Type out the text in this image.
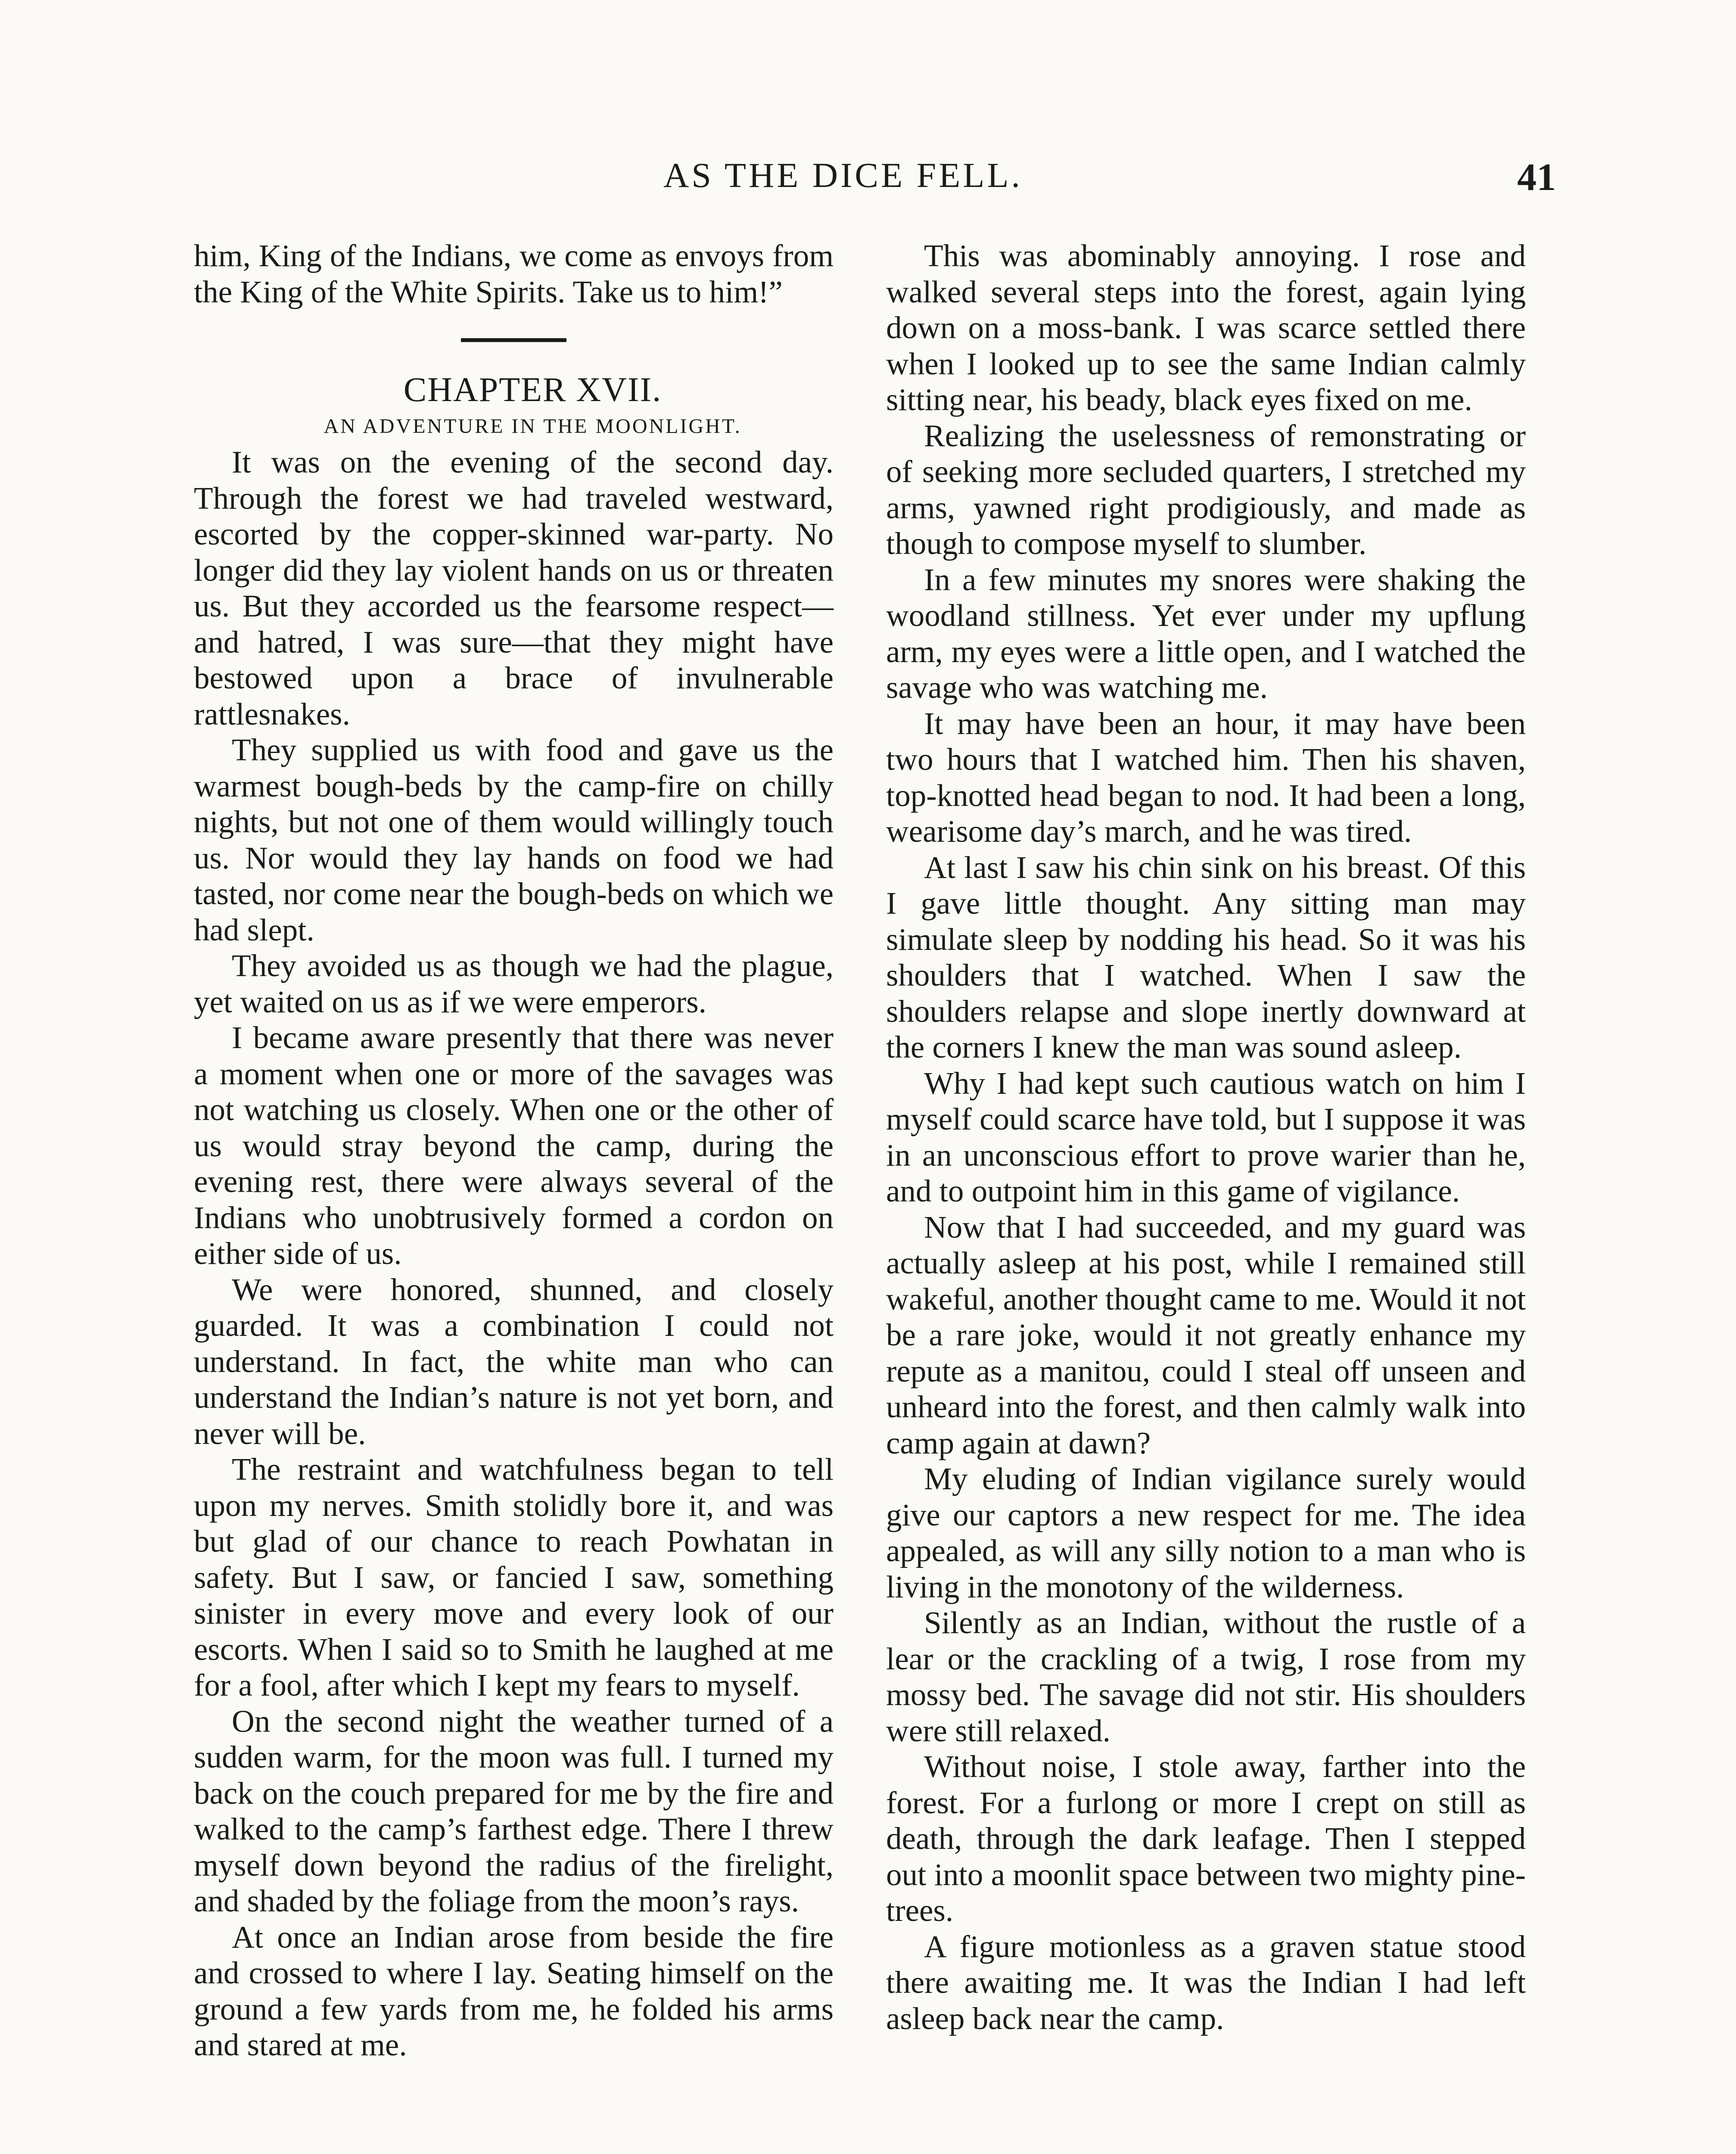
AS THE DICE FELL.	41

him, King of the Indians, we come as envoys from the King of the White Spirits. Take us to him!”

CHAPTER XVII.

AN ADVENTURE IN THE MOONLIGHT.

It was on the evening of the second day. Through the forest we had traveled westward, escorted by the copper-skinned war-party. No longer did they lay violent hands on us or threaten us. But they accorded us the fearsome respect—and hatred, I was sure—that they might have bestowed upon a brace of invulnerable rattlesnakes.

They supplied us with food and gave us the warmest bough-beds by the camp-fire on chilly nights, but not one of them would willingly touch us. Nor would they lay hands on food we had tasted, nor come near the bough-beds on which we had slept.

They avoided us as though we had the plague, yet waited on us as if we were emperors.

I became aware presently that there was never a moment when one or more of the savages was not watching us closely. When one or the other of us would stray beyond the camp, during the evening rest, there were always several of the Indians who unobtrusively formed a cordon on either side of us.

We were honored, shunned, and closely guarded. It was a combination I could not understand. In fact, the white man who can understand the Indian’s nature is not yet born, and never will be.

The restraint and watchfulness began to tell upon my nerves. Smith stolidly bore it, and was but glad of our chance to reach Powhatan in safety. But I saw, or fancied I saw, something sinister in every move and every look of our escorts. When I said so to Smith he laughed at me for a fool, after which I kept my fears to myself.

On the second night the weather turned of a sudden warm, for the moon was full. I turned my back on the couch prepared for me by the fire and walked to the camp’s farthest edge. There I threw myself down beyond the radius of the firelight, and shaded by the foliage from the moon’s rays.

At once an Indian arose from beside the fire and crossed to where I lay. Seating himself on the ground a few yards from me, he folded his arms and stared at me.

This was abominably annoying. I rose and walked several steps into the forest, again lying down on a moss-bank. I was scarce settled there when I looked up to see the same Indian calmly sitting near, his beady, black eyes fixed on me.

Realizing the uselessness of remonstrating or of seeking more secluded quarters, I stretched my arms, yawned right prodigiously, and made as though to compose myself to slumber.

In a few minutes my snores were shaking the woodland stillness. Yet ever under my upflung arm, my eyes were a little open, and I watched the savage who was watching me.

It may have been an hour, it may have been two hours that I watched him. Then his shaven, top-knotted head began to nod. It had been a long, wearisome day’s march, and he was tired.

At last I saw his chin sink on his breast. Of this I gave little thought. Any sitting man may simulate sleep by nodding his head. So it was his shoulders that I watched. When I saw the shoulders relapse and slope inertly downward at the corners I knew the man was sound asleep.

Why I had kept such cautious watch on him I myself could scarce have told, but I suppose it was in an unconscious effort to prove warier than he, and to outpoint him in this game of vigilance.

Now that I had succeeded, and my guard was actually asleep at his post, while I remained still wakeful, another thought came to me. Would it not be a rare joke, would it not greatly enhance my repute as a manitou, could I steal off unseen and unheard into the forest, and then calmly walk into camp again at dawn?

My eluding of Indian vigilance surely would give our captors a new respect for me. The idea appealed, as will any silly notion to a man who is living in the monotony of the wilderness.

Silently as an Indian, without the rustle of a lear or the crackling of a twig, I rose from my mossy bed. The savage did not stir. His shoulders were still relaxed.

Without noise, I stole away, farther into the forest. For a furlong or more I crept on still as death, through the dark leafage. Then I stepped out into a moonlit space between two mighty pine-trees.

A figure motionless as a graven statue stood there awaiting me. It was the Indian I had left asleep back near the camp.
